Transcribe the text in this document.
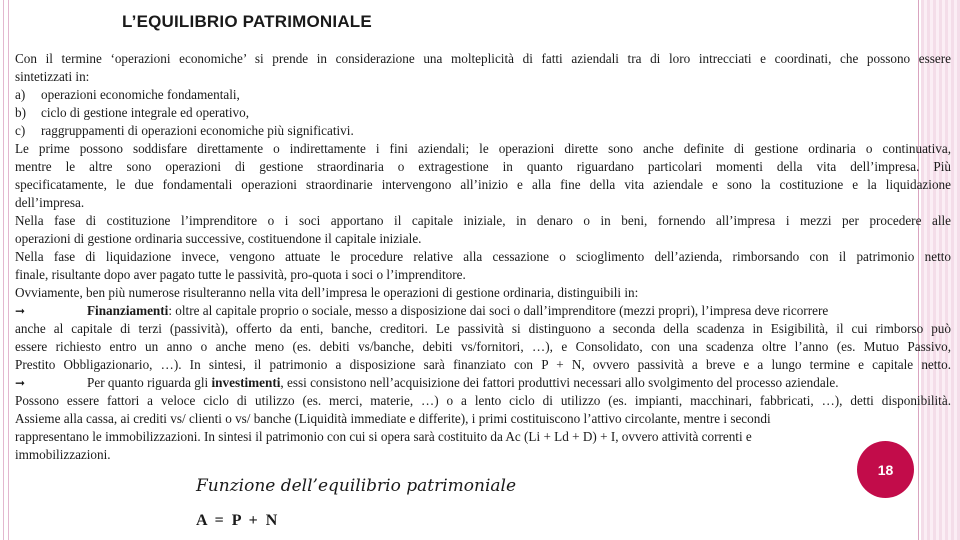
L’EQUILIBRIO PATRIMONIALE
Con il termine ‘operazioni economiche’ si prende in considerazione una molteplicità di fatti aziendali tra di loro intrecciati e coordinati, che possono essere
sintetizzati in:
a) operazioni economiche fondamentali,
b) ciclo di gestione integrale ed operativo,
c) raggruppamenti di operazioni economiche più significativi.
Le prime possono soddisfare direttamente o indirettamente i fini aziendali; le operazioni dirette sono anche definite di gestione ordinaria o continuativa,
mentre le altre sono operazioni di gestione straordinaria o extragestione in quanto riguardano particolari momenti della vita dell’impresa. Più
specificatamente, le due fondamentali operazioni straordinarie intervengono all’inizio e alla fine della vita aziendale e sono la costituzione e la liquidazione
dell’impresa.
Nella fase di costituzione l’imprenditore o i soci apportano il capitale iniziale, in denaro o in beni, fornendo all’impresa i mezzi per procedere alle
operazioni di gestione ordinaria successive, costituendone il capitale iniziale.
Nella fase di liquidazione invece, vengono attuate le procedure relative alla cessazione o scioglimento dell’azienda, rimborsando con il patrimonio netto
finale, risultante dopo aver pagato tutte le passività, pro-quota i soci o l’imprenditore.
Ovviamente, ben più numerose risulteranno nella vita dell’impresa le operazioni di gestione ordinaria, distinguibili in:
➞	Finanziamenti: oltre al capitale proprio o sociale, messo a disposizione dai soci o dall’imprenditore (mezzi propri), l’impresa deve ricorrere
anche al capitale di terzi (passività), offerto da enti, banche, creditori. Le passività si distinguono a seconda della scadenza in Esigibilità, il cui rimborso può
essere richiesto entro un anno o anche meno (es. debiti vs/banche, debiti vs/fornitori, …), e Consolidato, con una scadenza oltre l’anno (es. Mutuo Passivo,
Prestito Obbligazionario, …). In sintesi, il patrimonio a disposizione sarà finanziato con P + N, ovvero passività a breve e a lungo termine e capitale netto.
➞	Per quanto riguarda gli investimenti, essi consistono nell’acquisizione dei fattori produttivi necessari allo svolgimento del processo aziendale.
Possono essere fattori a veloce ciclo di utilizzo (es. merci, materie, …) o a lento ciclo di utilizzo (es. impianti, macchinari, fabbricati, …), detti disponibilità.
Assieme alla cassa, ai crediti vs/ clienti o vs/ banche (Liquidità immediate e differite), i primi costituiscono l’attivo circolante, mentre i secondi
rappresentano le immobilizzazioni. In sintesi il patrimonio con cui si opera sarà costituito da Ac (Li + Ld + D) + I, ovvero attività correnti e
immobilizzazioni.
Funzione dell’equilibrio patrimoniale
A = P + N
18
